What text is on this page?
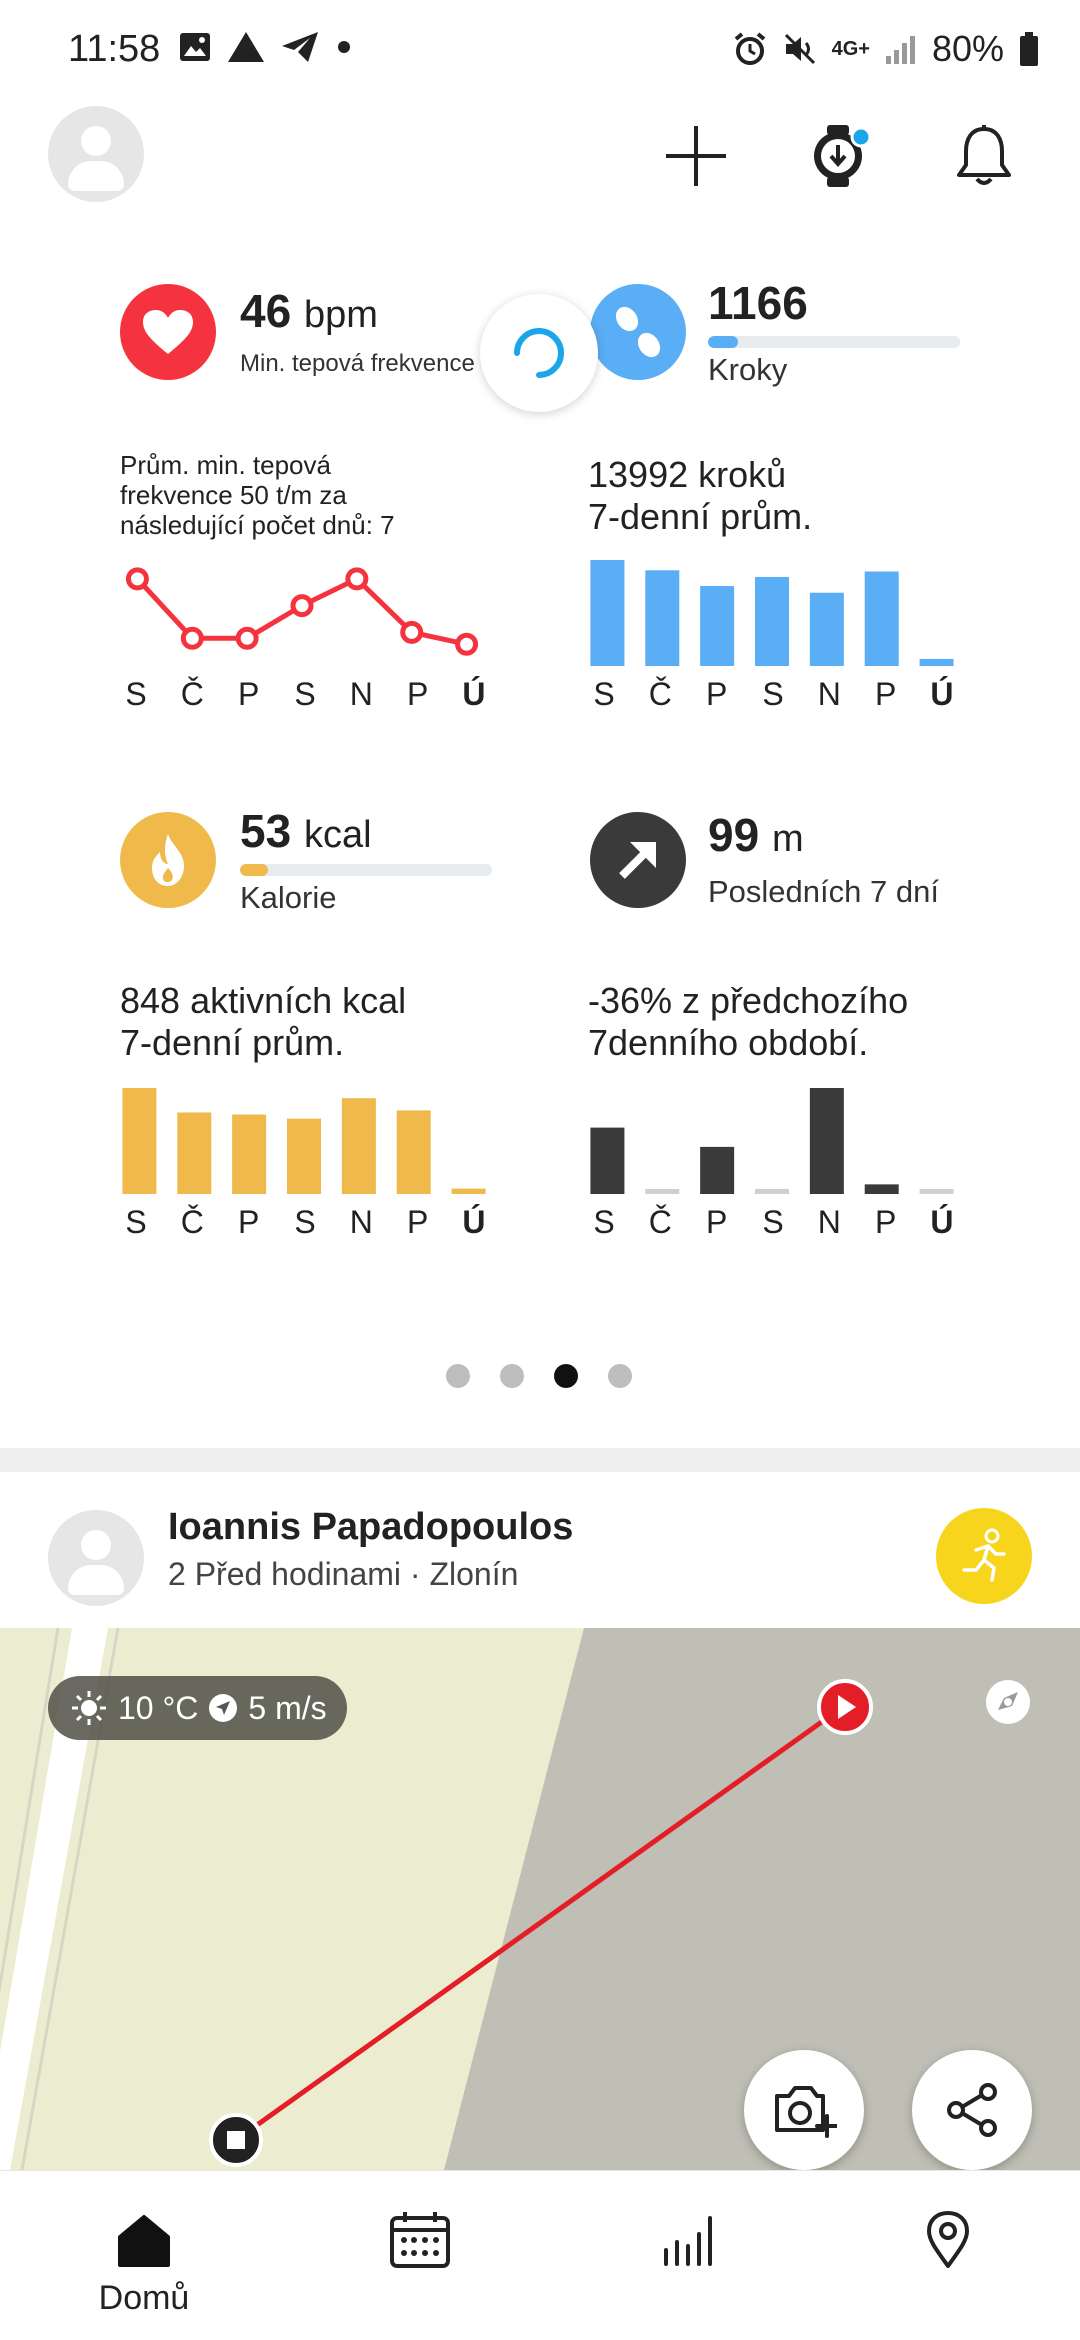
11:58	4G+ 80%
46 bpm
Min. tepová frekvence
Prům. min. tepová
frekvence 50 t/m za
následující počet dnů: 7
S Č P S N P Ú
1166
Kroky
13992 kroků
7-denní prům.
S Č P S N P Ú
53 kcal
Kalorie
848 aktivních kcal
7-denní prům.
S Č P S N P Ú
99 m
Posledních 7 dní
-36% z předchozího
7denního období.
S Č P S N P Ú
Ioannis Papadopoulos
2 Před hodinami · Zlonín
10 °C 5 m/s
Domů
